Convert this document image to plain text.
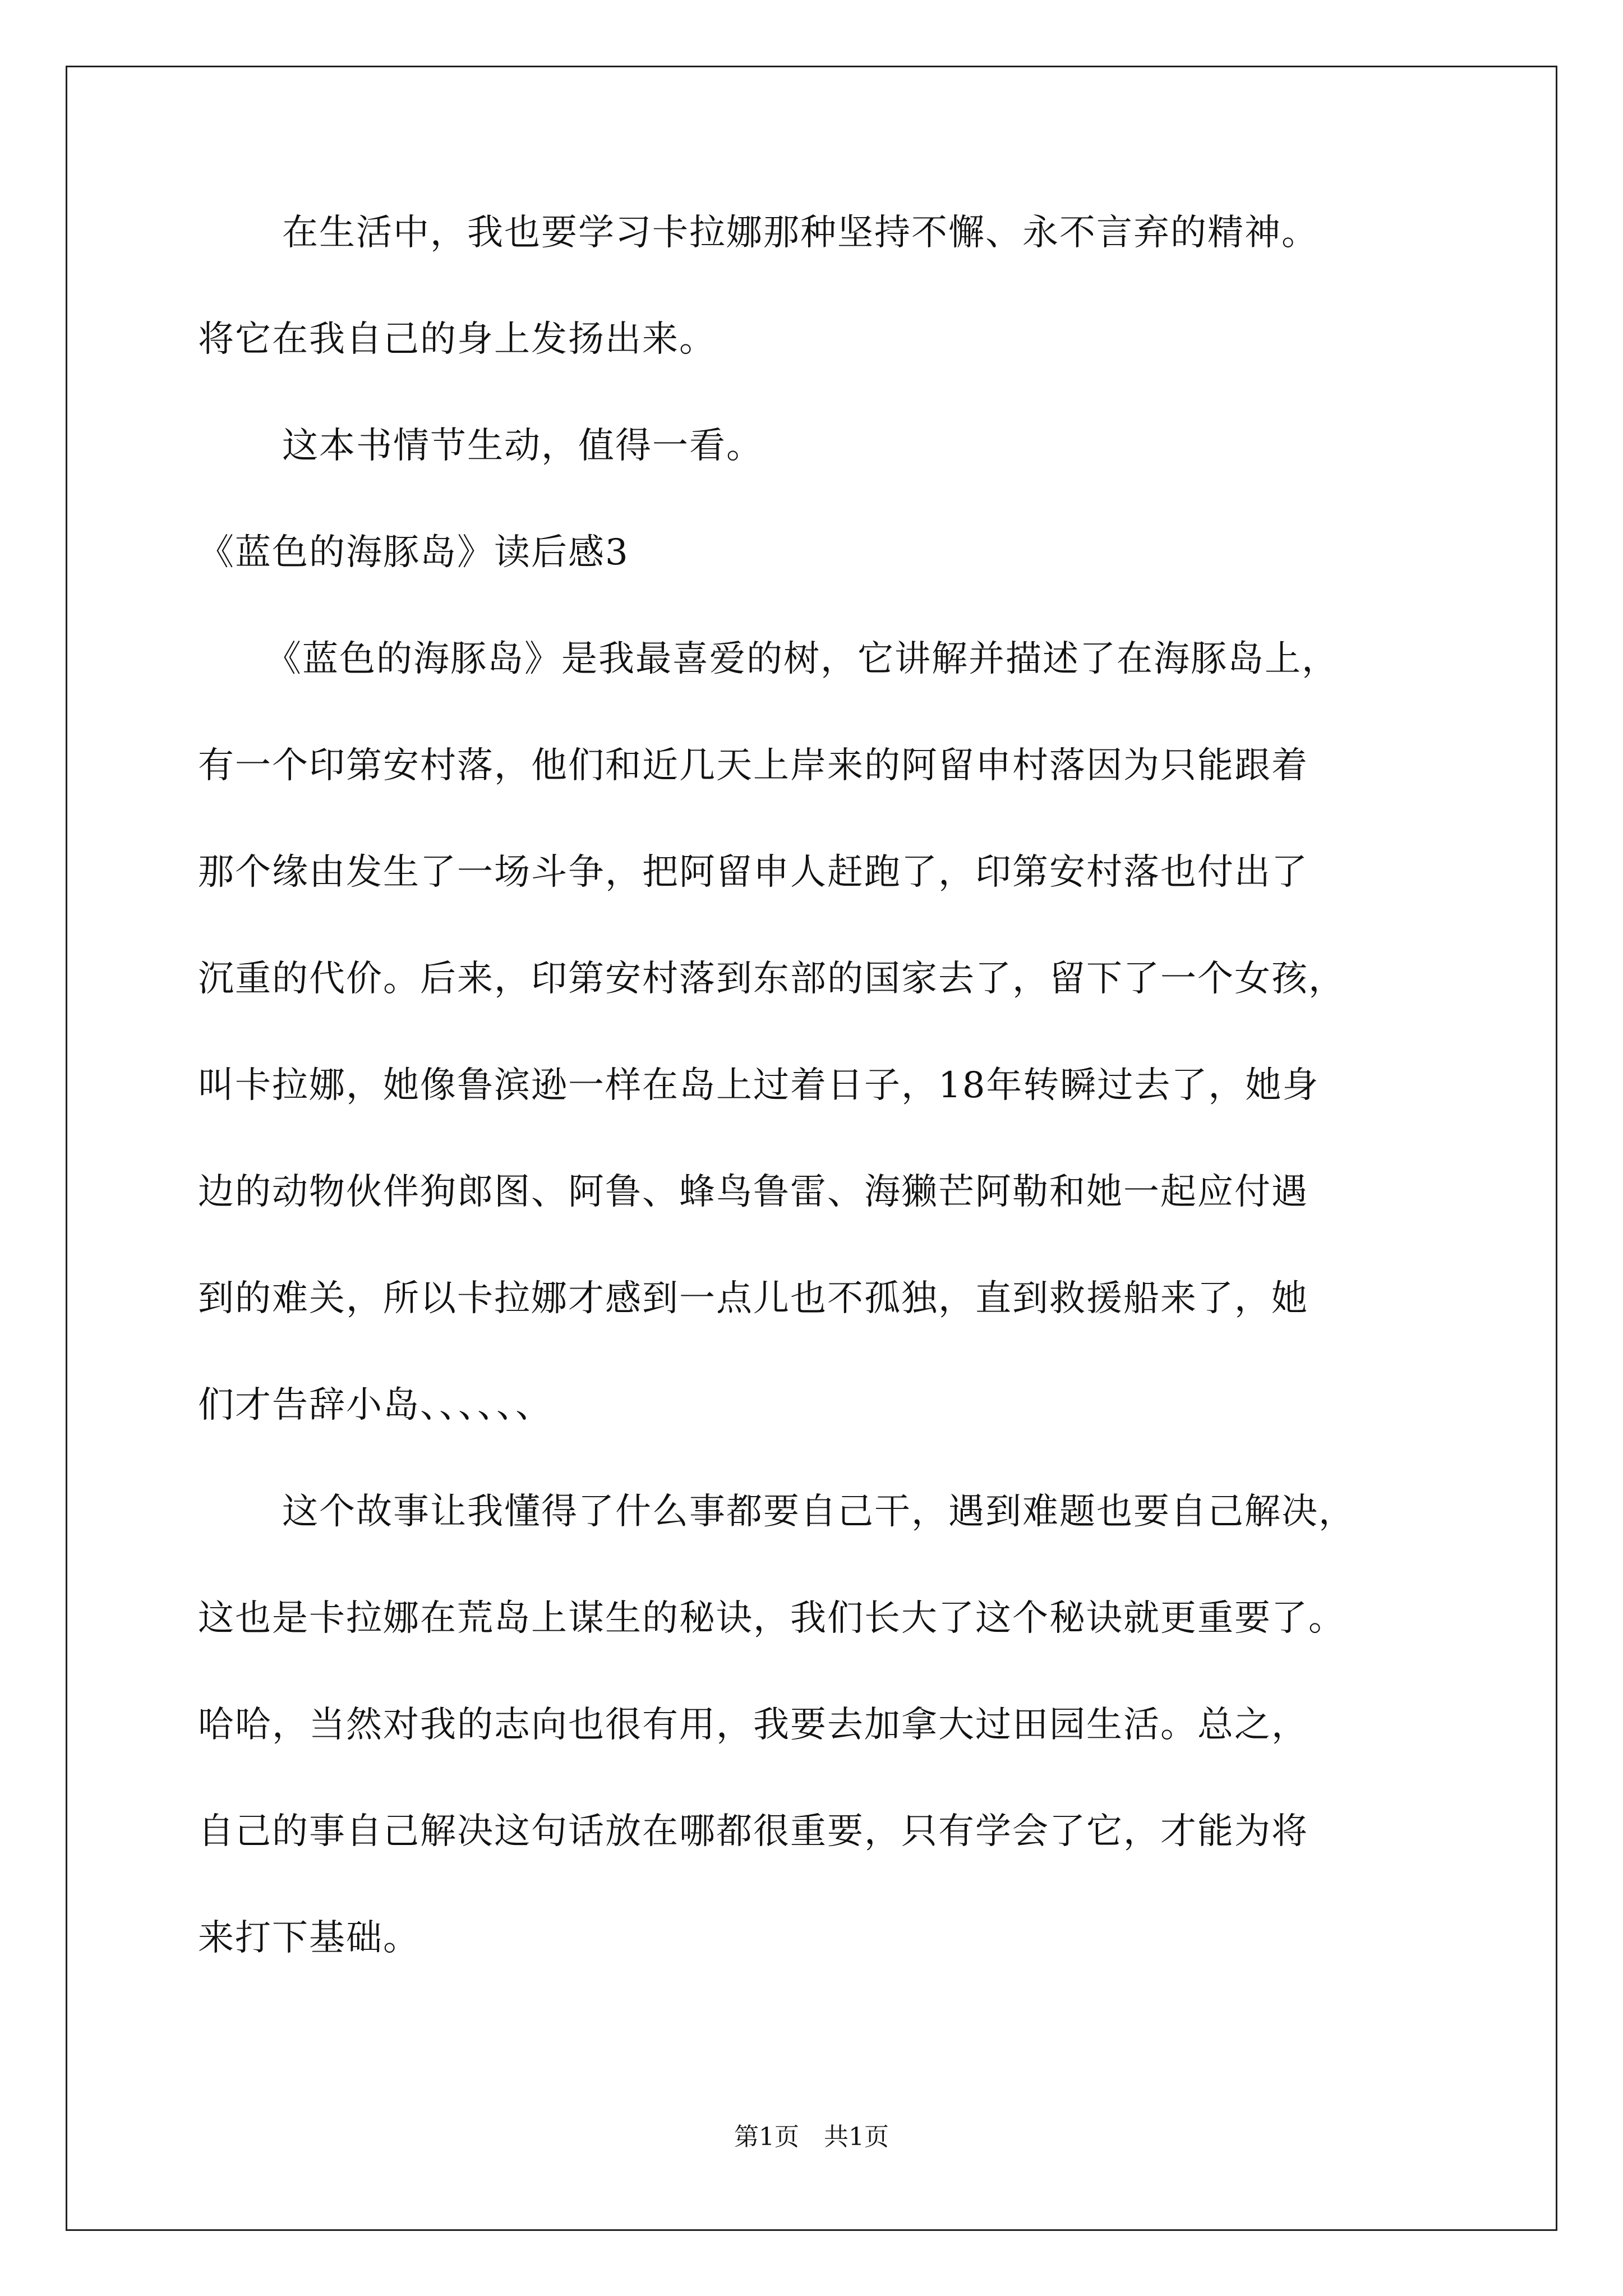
在生活中，我也要学习卡拉娜那种坚持不懈、永不言弃的精神。
将它在我自己的身上发扬出来。
这本书情节生动，值得一看。
《蓝色的海豚岛》读后感3
《蓝色的海豚岛》是我最喜爱的树，它讲解并描述了在海豚岛上，
有一个印第安村落，他们和近几天上岸来的阿留申村落因为只能跟着
那个缘由发生了一场斗争，把阿留申人赶跑了，印第安村落也付出了
沉重的代价。后来，印第安村落到东部的国家去了，留下了一个女孩，
叫卡拉娜，她像鲁滨逊一样在岛上过着日子，18年转瞬过去了，她身
边的动物伙伴狗郎图、阿鲁、蜂鸟鲁雷、海獭芒阿勒和她一起应付遇
到的难关，所以卡拉娜才感到一点儿也不孤独，直到救援船来了，她
们才告辞小岛、、、、、、
这个故事让我懂得了什么事都要自己干，遇到难题也要自己解决，
这也是卡拉娜在荒岛上谋生的秘诀，我们长大了这个秘诀就更重要了。
哈哈，当然对我的志向也很有用，我要去加拿大过田园生活。总之，
自己的事自己解决这句话放在哪都很重要，只有学会了它，才能为将
来打下基础。
第1页　共1页
